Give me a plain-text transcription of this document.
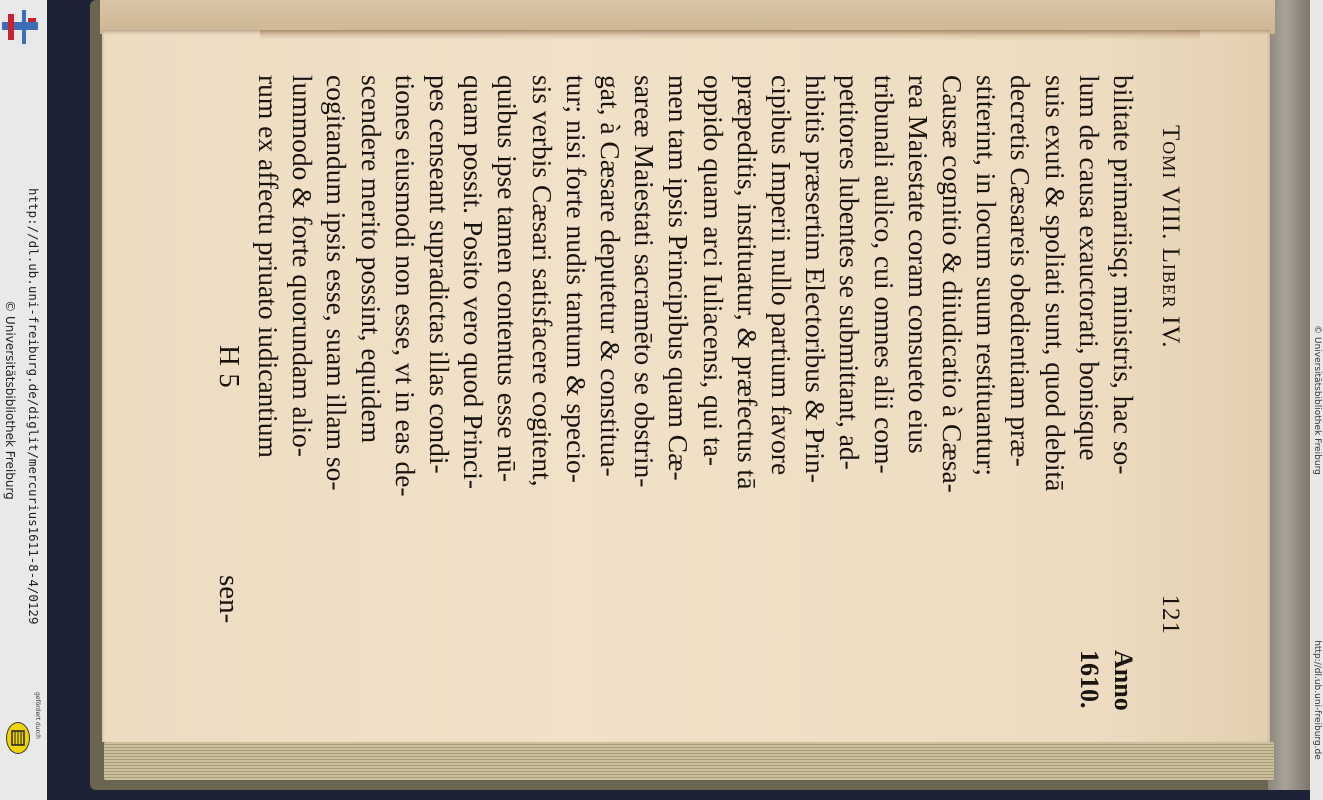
http://dl.ub.uni-freiburg.de/diglit/mercurius1611-8-4/0129
© Universitätsbibliothek Freiburg
gefördert durch
Tomi VIII. Liber IV.
121
bilitate primariisq; ministris, hac so-
lum de causa exauctorati, bonisque
suis exuti & spoliati sunt, quod debitā
decretis Cæsareis obedientiam præ-
stiterint, in locum suum restituantur;
Causæ cognitio & diiudicatio à Cæsa-
rea Maiestate coram consueto eius
tribunali aulico, cui omnes alii com-
petitores lubentes se submittant, ad-
hibitis præsertim Electoribus & Prin-
cipibus Imperii nullo partium favore
præpeditis, instituatur, & præfectus tā
oppido quam arci Iuliacensi, qui ta-
men tam ipsis Principibus quam Cæ-
sareæ Maiestati sacramēto se obstrin-
gat, à Cæsare deputetur & constitua-
tur; nisi forte nudis tantum & specio-
sis verbis Cæsari satisfacere cogitent,
quibus ipse tamen contentus esse nū-
quam possit. Posito vero quod Princi-
pes censeant supradictas illas condi-
tiones eiusmodi non esse, vt in eas de-
scendere merito possint, equidem
cogitandum ipsis esse, suam illam so-
lummodo & forte quorundam alio-
rum ex affectu priuato iudicantium
Anno
1610.
H 5
sen-
© Universitätsbibliothek Freiburg
http://dl.ub.uni-freiburg.de
